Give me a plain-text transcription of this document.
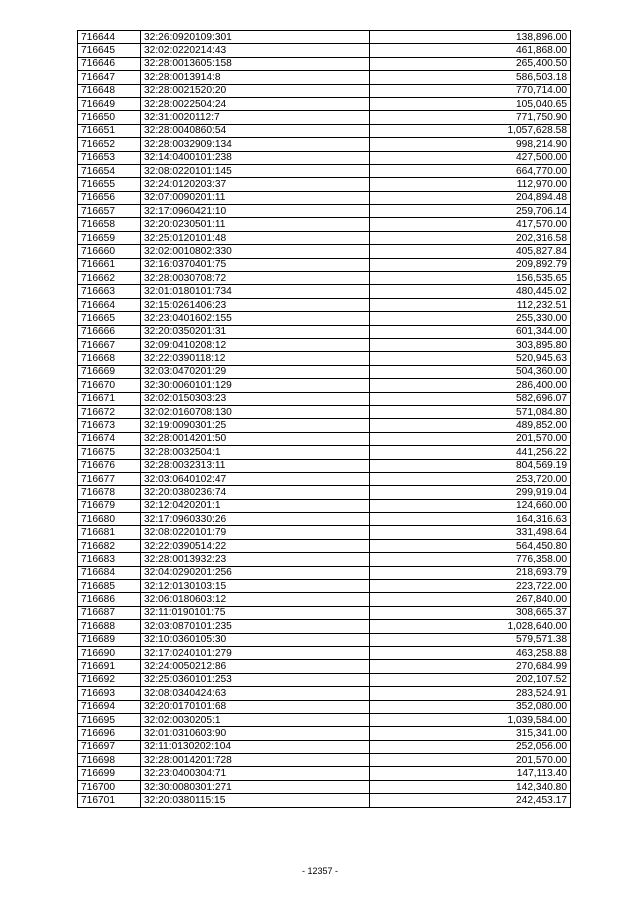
716644	32:26:0920109:301	138,896.00
716645	32:02:0220214:43	461,868.00
716646	32:28:0013605:158	265,400.50
716647	32:28:0013914:8	586,503.18
716648	32:28:0021520:20	770,714.00
716649	32:28:0022504:24	105,040.65
716650	32:31:0020112:7	771,750.90
716651	32:28:0040860:54	1,057,628.58
716652	32:28:0032909:134	998,214.90
716653	32:14:0400101:238	427,500.00
716654	32:08:0220101:145	664,770.00
716655	32:24:0120203:37	112,970.00
716656	32:07:0090201:11	204,894.48
716657	32:17:0960421:10	259,706.14
716658	32:20:0230501:11	417,570.00
716659	32:25:0120101:48	202,316.58
716660	32:02:0010802:330	405,827.84
716661	32:16:0370401:75	209,892.79
716662	32:28:0030708:72	156,535.65
716663	32:01:0180101:734	480,445.02
716664	32:15:0261406:23	112,232.51
716665	32:23:0401602:155	255,330.00
716666	32:20:0350201:31	601,344.00
716667	32:09:0410208:12	303,895.80
716668	32:22:0390118:12	520,945.63
716669	32:03:0470201:29	504,360.00
716670	32:30:0060101:129	286,400.00
716671	32:02:0150303:23	582,696.07
716672	32:02:0160708:130	571,084.80
716673	32:19:0090301:25	489,852.00
716674	32:28:0014201:50	201,570.00
716675	32:28:0032504:1	441,256.22
716676	32:28:0032313:11	804,569.19
716677	32:03:0640102:47	253,720.00
716678	32:20:0380236:74	299,919.04
716679	32:12:0420201:1	124,660.00
716680	32:17:0960330:26	164,316.63
716681	32:08:0220101:79	331,498.64
716682	32:22:0390514:22	564,450.80
716683	32:28:0013932:23	776,358.00
716684	32:04:0290201:256	218,693.79
716685	32:12:0130103:15	223,722.00
716686	32:06:0180603:12	267,840.00
716687	32:11:0190101:75	308,665.37
716688	32:03:0870101:235	1,028,640.00
716689	32:10:0360105:30	579,571.38
716690	32:17:0240101:279	463,258.88
716691	32:24:0050212:86	270,684.99
716692	32:25:0360101:253	202,107.52
716693	32:08:0340424:63	283,524.91
716694	32:20:0170101:68	352,080.00
716695	32:02:0030205:1	1,039,584.00
716696	32:01:0310603:90	315,341.00
716697	32:11:0130202:104	252,056.00
716698	32:28:0014201:728	201,570.00
716699	32:23:0400304:71	147,113.40
716700	32:30:0080301:271	142,340.80
716701	32:20:0380115:15	242,453.17
- 12357 -
